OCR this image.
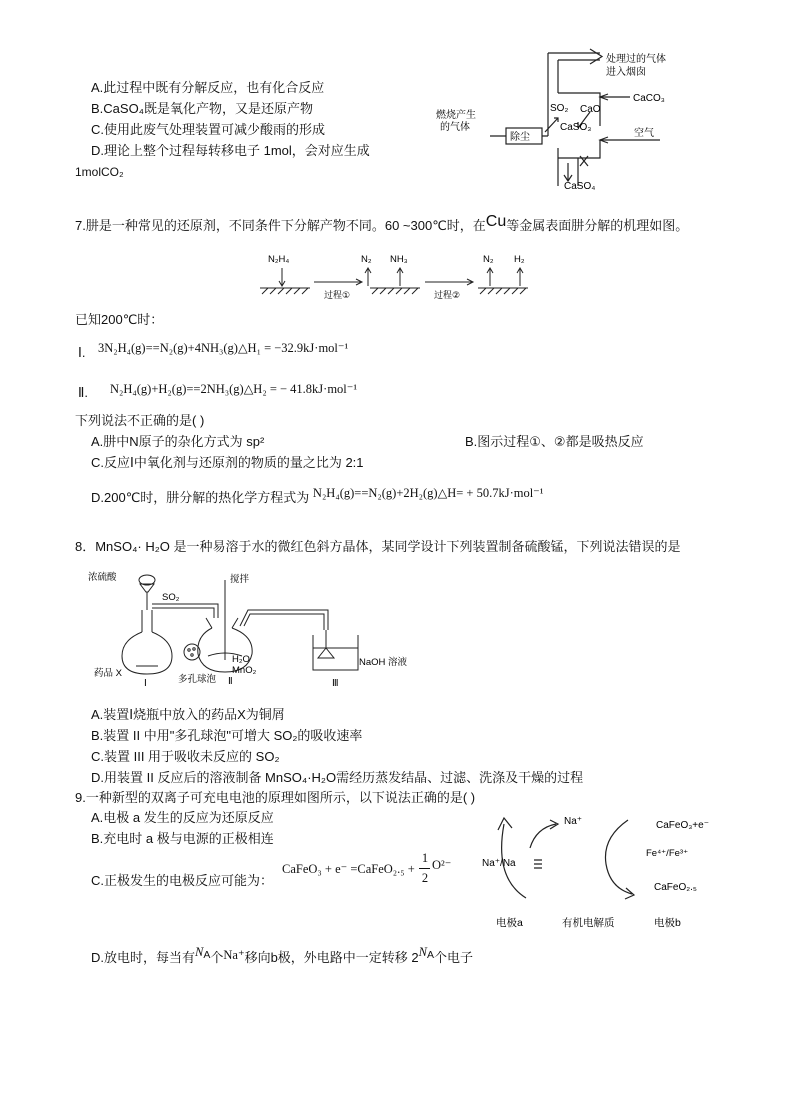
A.此过程中既有分解反应，也有化合反应
B.CaSO₄既是氧化产物，又是还原产物
C.使用此废气处理装置可减少酸雨的形成
D.理论上整个过程每转移电子 1mol，会对应生成
1molCO₂
燃烧产生
的气体
除尘
SO₂ CaO
CaSO₃
CaCO₃
空气
CaSO₄
处理过的气体
进入烟囱
7.肼是一种常见的还原剂，不同条件下分解产物不同。60 ~300℃时，在Cu等金属表面肼分解的机理如图。
N₂H₄	N₂ NH₃	N₂ H₂
过程①	过程②
已知200℃时：
Ⅰ. 3N₂H₄(g)==N₂(g)+4NH₃(g)△H₁ = −32.9kJ·mol⁻¹
Ⅱ. N₂H₄(g)+H₂(g)==2NH₃(g)△H₂ = − 41.8kJ·mol⁻¹
下列说法不正确的是( )
A.肼中N原子的杂化方式为 sp²	B.图示过程①、②都是吸热反应
C.反应Ⅰ中氧化剂与还原剂的物质的量之比为 2:1
D.200℃时，肼分解的热化学方程式为 N₂H₄(g)==N₂(g)+2H₂(g)△H= + 50.7kJ·mol⁻¹
8．MnSO₄· H₂O 是一种易溶于水的微红色斜方晶体，某同学设计下列装置制备硫酸锰，下列说法错误的是
浓硫酸
SO₂
搅拌
药品 X
Ⅰ	多孔球泡
H₂O
MnO₂
Ⅱ
NaOH 溶液
Ⅲ
A.装置Ⅰ烧瓶中放入的药品X为铜屑
B.装置 II 中用"多孔球泡"可增大 SO₂的吸收速率
C.装置 III 用于吸收未反应的 SO₂
D.用装置 II 反应后的溶液制备 MnSO₄·H₂O需经历蒸发结晶、过滤、洗涤及干燥的过程
9.一种新型的双离子可充电电池的原理如图所示，以下说法正确的是( )
A.电极 a 发生的反应为还原反应
B.充电时 a 极与电源的正极相连
C.正极发生的电极反应可能为：
CaFeO₃ + e⁻ =CaFeO₂.₅ +
1
2
O²⁻
D.放电时，每当有$N^A$个Na⁺移向b极，外电路中一定转移 $2N^A$个电子
Na⁺
Na⁺/Na
CaFeO₃+e⁻
Fe⁴⁺/Fe³⁺
CaFeO₂.₅
电极a	有机电解质	电极b
